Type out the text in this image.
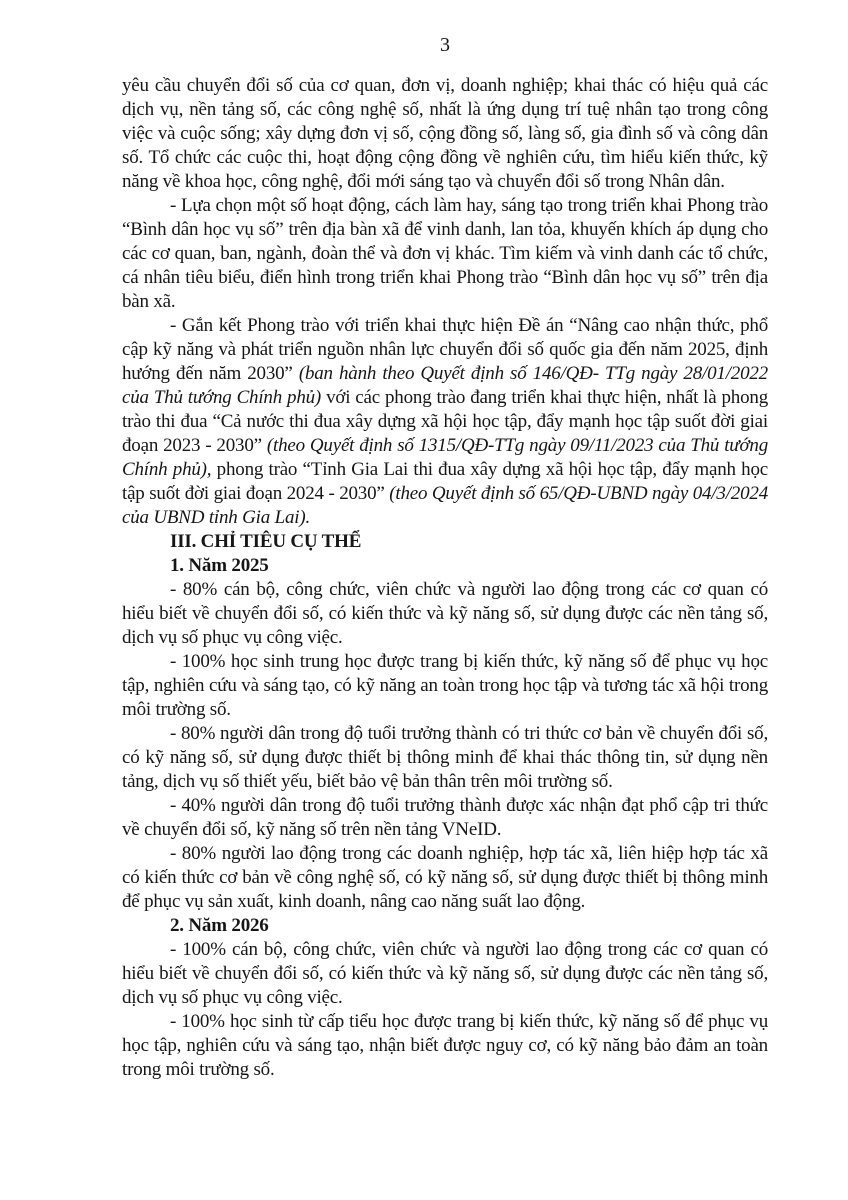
3

yêu cầu chuyển đổi số của cơ quan, đơn vị, doanh nghiệp; khai thác có hiệu quả các dịch vụ, nền tảng số, các công nghệ số, nhất là ứng dụng trí tuệ nhân tạo trong công việc và cuộc sống; xây dựng đơn vị số, cộng đồng số, làng số, gia đình số và công dân số. Tổ chức các cuộc thi, hoạt động cộng đồng về nghiên cứu, tìm hiểu kiến thức, kỹ năng về khoa học, công nghệ, đổi mới sáng tạo và chuyển đổi số trong Nhân dân.

- Lựa chọn một số hoạt động, cách làm hay, sáng tạo trong triển khai Phong trào “Bình dân học vụ số” trên địa bàn xã để vinh danh, lan tỏa, khuyến khích áp dụng cho các cơ quan, ban, ngành, đoàn thể và đơn vị khác. Tìm kiếm và vinh danh các tổ chức, cá nhân tiêu biểu, điển hình trong triển khai Phong trào “Bình dân học vụ số” trên địa bàn xã.

- Gắn kết Phong trào với triển khai thực hiện Đề án “Nâng cao nhận thức, phổ cập kỹ năng và phát triển nguồn nhân lực chuyển đổi số quốc gia đến năm 2025, định hướng đến năm 2030” (ban hành theo Quyết định số 146/QĐ- TTg ngày 28/01/2022 của Thủ tướng Chính phủ) với các phong trào đang triển khai thực hiện, nhất là phong trào thi đua “Cả nước thi đua xây dựng xã hội học tập, đẩy mạnh học tập suốt đời giai đoạn 2023 - 2030” (theo Quyết định số 1315/QĐ-TTg ngày 09/11/2023 của Thủ tướng Chính phủ), phong trào “Tỉnh Gia Lai thi đua xây dựng xã hội học tập, đẩy mạnh học tập suốt đời giai đoạn 2024 - 2030” (theo Quyết định số 65/QĐ-UBND ngày 04/3/2024 của UBND tỉnh Gia Lai).

III. CHỈ TIÊU CỤ THỂ

1. Năm 2025

- 80% cán bộ, công chức, viên chức và người lao động trong các cơ quan có hiểu biết về chuyển đổi số, có kiến thức và kỹ năng số, sử dụng được các nền tảng số, dịch vụ số phục vụ công việc.

- 100% học sinh trung học được trang bị kiến thức, kỹ năng số để phục vụ học tập, nghiên cứu và sáng tạo, có kỹ năng an toàn trong học tập và tương tác xã hội trong môi trường số.

- 80% người dân trong độ tuổi trưởng thành có tri thức cơ bản về chuyển đổi số, có kỹ năng số, sử dụng được thiết bị thông minh để khai thác thông tin, sử dụng nền tảng, dịch vụ số thiết yếu, biết bảo vệ bản thân trên môi trường số.

- 40% người dân trong độ tuổi trưởng thành được xác nhận đạt phổ cập tri thức về chuyển đổi số, kỹ năng số trên nền tảng VNeID.

- 80% người lao động trong các doanh nghiệp, hợp tác xã, liên hiệp hợp tác xã có kiến thức cơ bản về công nghệ số, có kỹ năng số, sử dụng được thiết bị thông minh để phục vụ sản xuất, kinh doanh, nâng cao năng suất lao động.

2. Năm 2026

- 100% cán bộ, công chức, viên chức và người lao động trong các cơ quan có hiểu biết về chuyển đổi số, có kiến thức và kỹ năng số, sử dụng được các nền tảng số, dịch vụ số phục vụ công việc.

- 100% học sinh từ cấp tiểu học được trang bị kiến thức, kỹ năng số để phục vụ học tập, nghiên cứu và sáng tạo, nhận biết được nguy cơ, có kỹ năng bảo đảm an toàn trong môi trường số.
